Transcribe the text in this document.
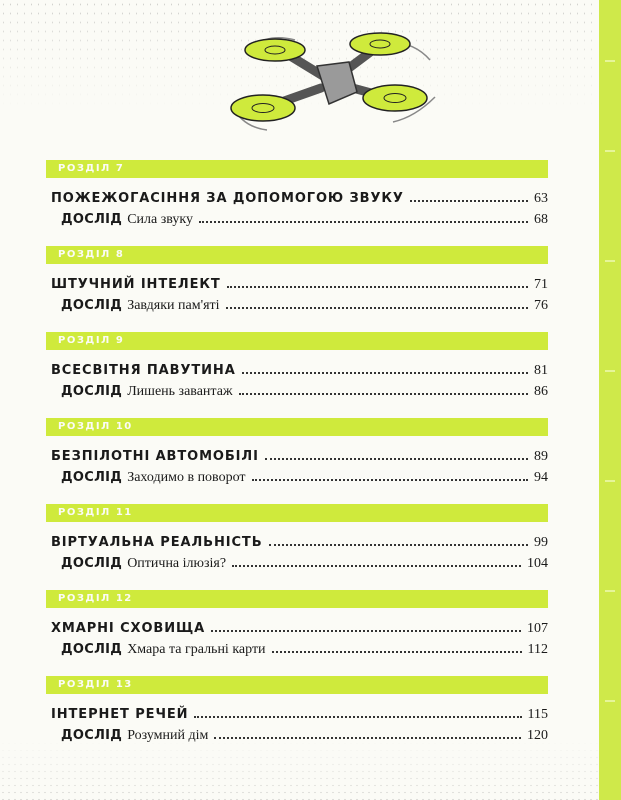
РОЗДІЛ 7
ПОЖЕЖОГАСІННЯ ЗА ДОПОМОГОЮ ЗВУКУ	63
ДОСЛІД Сила звуку	68
РОЗДІЛ 8
ШТУЧНИЙ ІНТЕЛЕКТ	71
ДОСЛІД Завдяки пам'яті	76
РОЗДІЛ 9
ВСЕСВІТНЯ ПАВУТИНА	81
ДОСЛІД Лишень завантаж	86
РОЗДІЛ 10
БЕЗПІЛОТНІ АВТОМОБІЛІ	89
ДОСЛІД Заходимо в поворот	94
РОЗДІЛ 11
ВІРТУАЛЬНА РЕАЛЬНІСТЬ	99
ДОСЛІД Оптична ілюзія?	104
РОЗДІЛ 12
ХМАРНІ СХОВИЩА	107
ДОСЛІД Хмара та гральні карти	112
РОЗДІЛ 13
ІНТЕРНЕТ РЕЧЕЙ	115
ДОСЛІД Розумний дім	120
